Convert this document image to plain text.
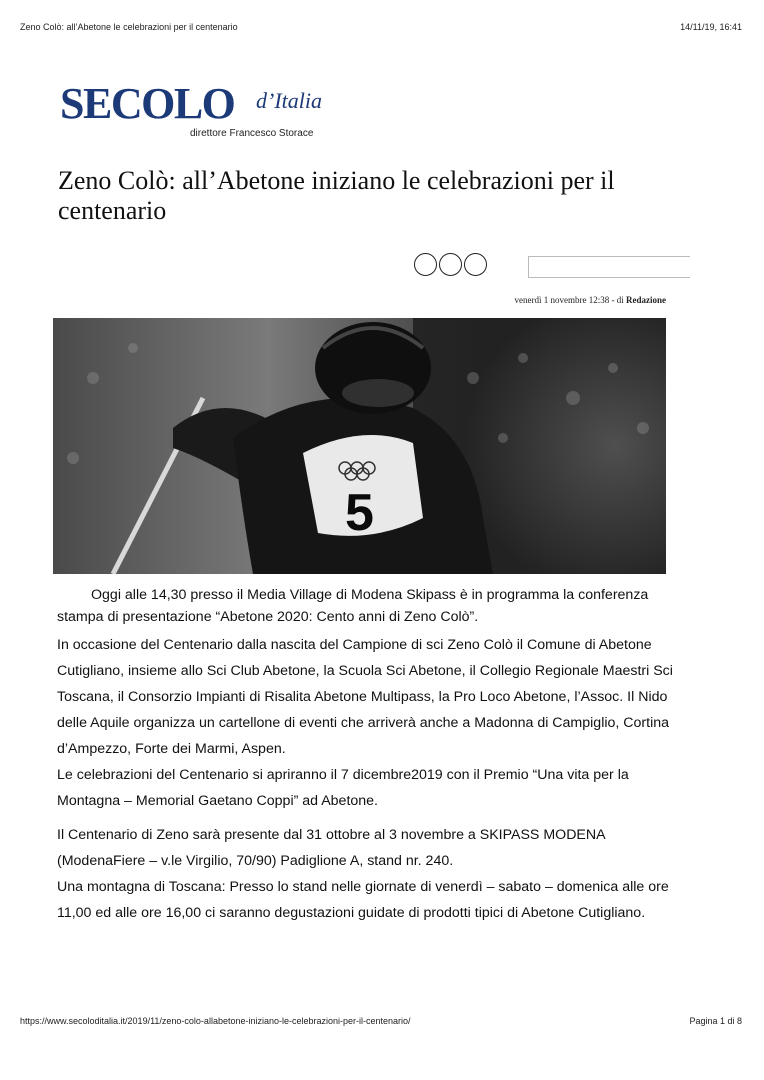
Zeno Colò: all’Abetone le celebrazioni per il centenario	14/11/19, 16:41
SECOLO d’Italia
direttore Francesco Storace
Zeno Colò: all’Abetone iniziano le celebrazioni per il centenario
venerdì 1 novembre 12:38 - di Redazione
5

Oggi alle 14,30 presso il Media Village di Modena Skipass è in programma la conferenza stampa di presentazione “Abetone 2020: Cento anni di Zeno Colò”.

In occasione del Centenario dalla nascita del Campione di sci Zeno Colò il Comune di Abetone Cutigliano, insieme allo Sci Club Abetone, la Scuola Sci Abetone, il Collegio Regionale Maestri Sci Toscana, il Consorzio Impianti di Risalita Abetone Multipass, la Pro Loco Abetone, l’Assoc. Il Nido delle Aquile organizza un cartellone di eventi che arriverà anche a Madonna di Campiglio, Cortina d’Ampezzo, Forte dei Marmi, Aspen.

Le celebrazioni del Centenario si apriranno il 7 dicembre2019 con il Premio “Una vita per la Montagna – Memorial Gaetano Coppi” ad Abetone.

Il Centenario di Zeno sarà presente dal 31 ottobre al 3 novembre a SKIPASS MODENA (ModenaFiere – v.le Virgilio, 70/90) Padiglione A, stand nr. 240.

Una montagna di Toscana: Presso lo stand nelle giornate di venerdì – sabato – domenica alle ore 11,00 ed alle ore 16,00 ci saranno degustazioni guidate di prodotti tipici di Abetone Cutigliano.

https://www.secoloditalia.it/2019/11/zeno-colo-allabetone-iniziano-le-celebrazioni-per-il-centenario/	Pagina 1 di 8
